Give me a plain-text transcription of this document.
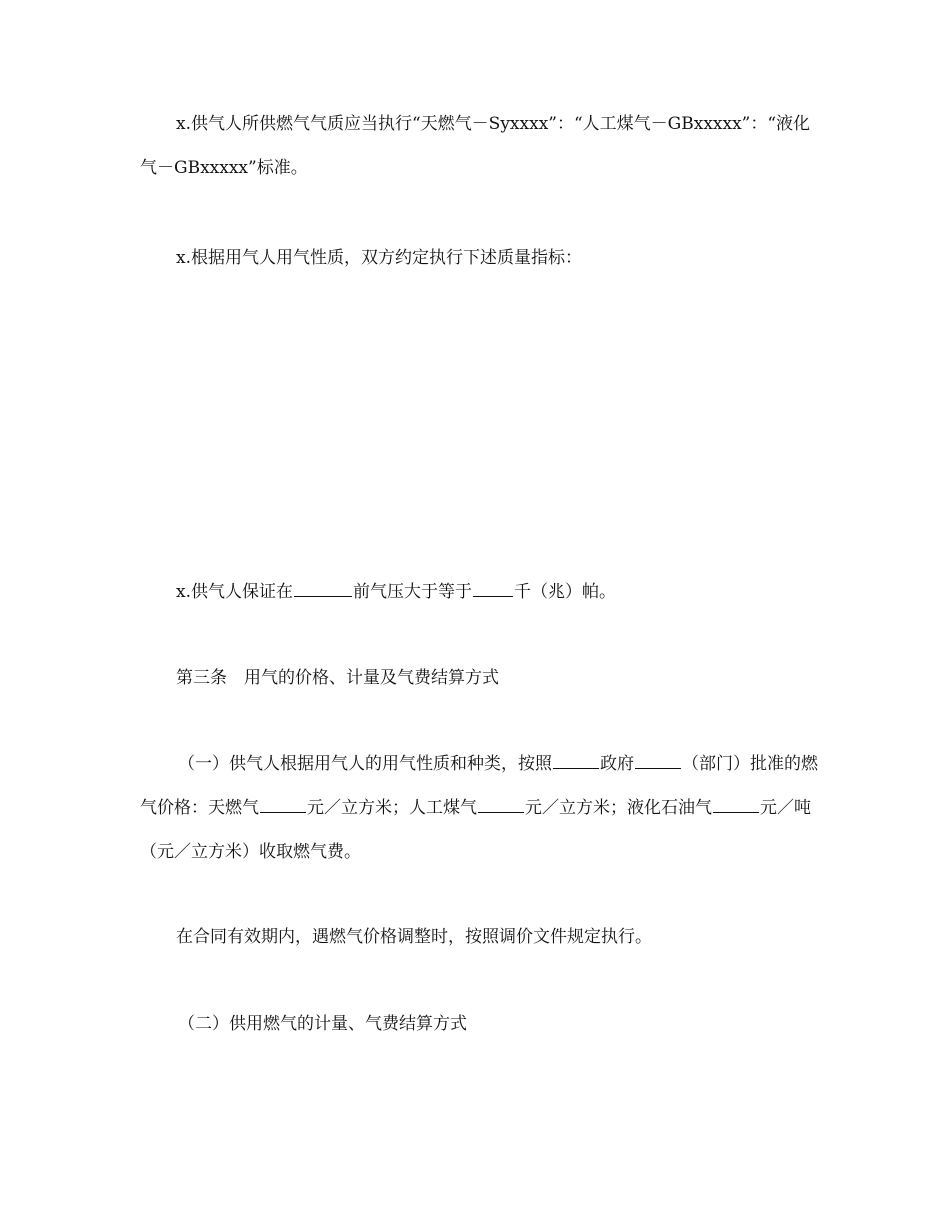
x.供气人所供燃气气质应当执行“天燃气－Syxxxx”：“人工煤气－GBxxxxx”：“液化气－GBxxxxx”标准。

x.根据用气人用气性质，双方约定执行下述质量指标：

x.供气人保证在	前气压大于等于 千（兆）帕。

第三条　用气的价格、计量及气费结算方式

（一）供气人根据用气人的用气性质和种类，按照	政府	（部门）批准的燃气价格：天燃气	元／立方米；人工煤气	元／立方米；液化石油气	元／吨（元／立方米）收取燃气费。

在合同有效期内，遇燃气价格调整时，按照调价文件规定执行。

（二）供用燃气的计量、气费结算方式
